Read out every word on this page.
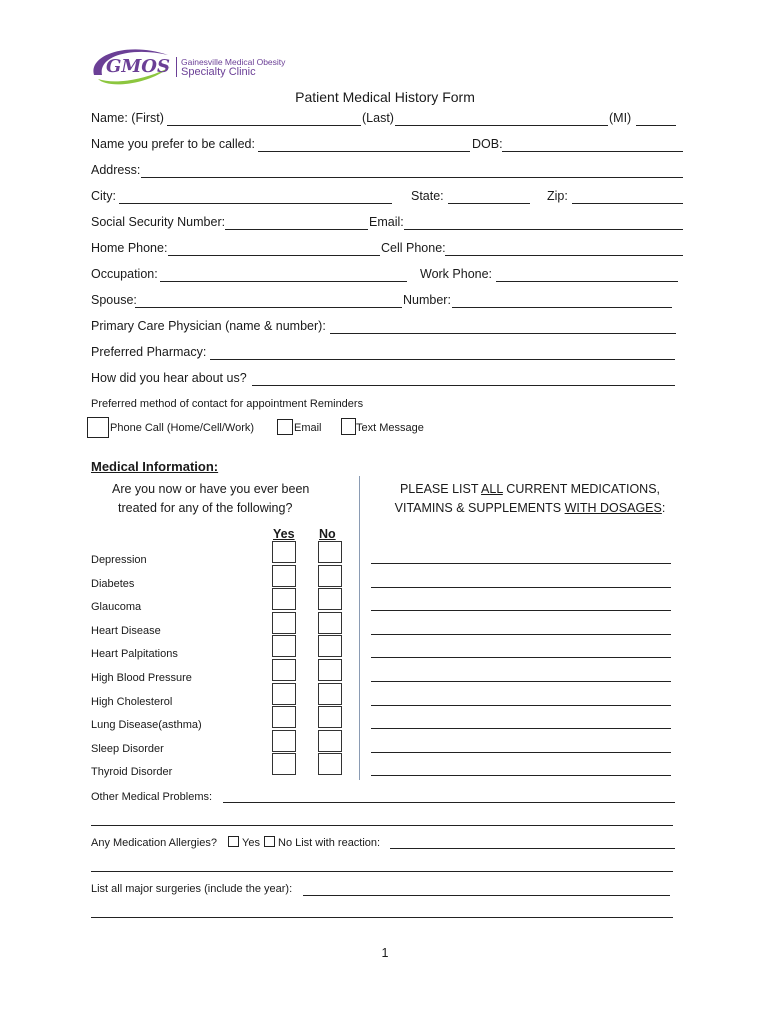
GMOS Gainesville Medical Obesity
Specialty Clinic
Patient Medical History Form
Name: (First)	(Last)	(MI)
Name you prefer to be called:	DOB:
Address:
City:	State:	Zip:
Social Security Number:	Email:
Home Phone:	Cell Phone:
Occupation:	Work Phone:
Spouse:	Number:
Primary Care Physician (name & number):
Preferred Pharmacy:
How did you hear about us?
Preferred method of contact for appointment Reminders
Phone Call (Home/Cell/Work)	Email	Text Message
Medical Information:
Are you now or have you ever been
treated for any of the following?
PLEASE LIST ALL CURRENT MEDICATIONS,
VITAMINS & SUPPLEMENTS WITH DOSAGES:
Yes No
Depression
Diabetes
Glaucoma
Heart Disease
Heart Palpitations
High Blood Pressure
High Cholesterol
Lung Disease(asthma)
Sleep Disorder
Thyroid Disorder
Other Medical Problems:
Any Medication Allergies? Yes No List with reaction:
List all major surgeries (include the year):
1
